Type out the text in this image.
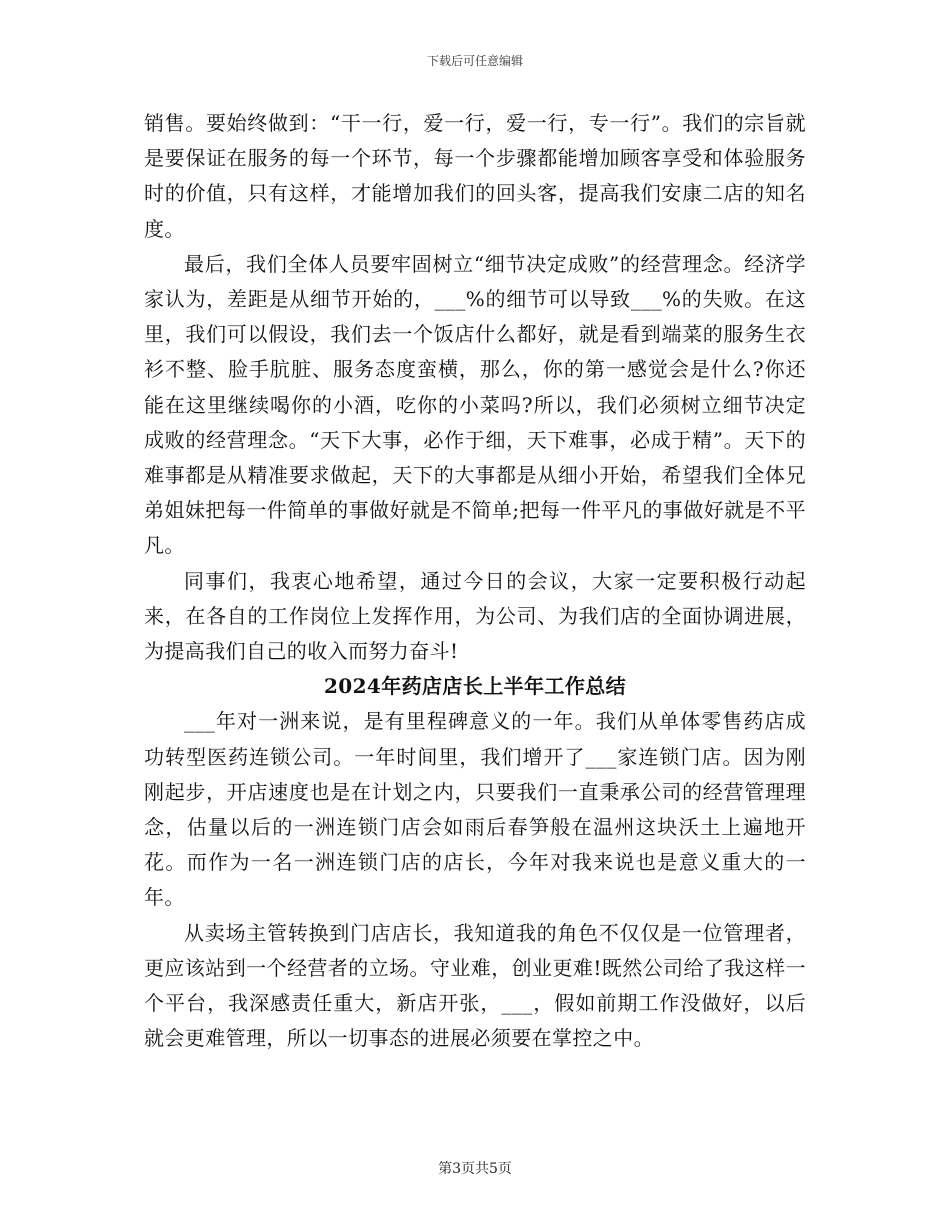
下载后可任意编辑

销售。要始终做到：“干一行，爱一行，爱一行，专一行”。我们的宗旨就是要保证在服务的每一个环节，每一个步骤都能增加顾客享受和体验服务时的价值，只有这样，才能增加我们的回头客，提高我们安康二店的知名度。

最后，我们全体人员要牢固树立“细节决定成败”的经营理念。经济学家认为，差距是从细节开始的，___%的细节可以导致___%的失败。在这里，我们可以假设，我们去一个饭店什么都好，就是看到端菜的服务生衣衫不整、脸手肮脏、服务态度蛮横，那么，你的第一感觉会是什么?你还能在这里继续喝你的小酒，吃你的小菜吗?所以，我们必须树立细节决定成败的经营理念。“天下大事，必作于细，天下难事，必成于精”。天下的难事都是从精准要求做起，天下的大事都是从细小开始，希望我们全体兄弟姐妹把每一件简单的事做好就是不简单;把每一件平凡的事做好就是不平凡。

同事们，我衷心地希望，通过今日的会议，大家一定要积极行动起来，在各自的工作岗位上发挥作用，为公司、为我们店的全面协调进展，为提高我们自己的收入而努力奋斗!

2024年药店店长上半年工作总结

___年对一洲来说，是有里程碑意义的一年。我们从单体零售药店成功转型医药连锁公司。一年时间里，我们增开了___家连锁门店。因为刚刚起步，开店速度也是在计划之内，只要我们一直秉承公司的经营管理理念，估量以后的一洲连锁门店会如雨后春笋般在温州这块沃土上遍地开花。而作为一名一洲连锁门店的店长，今年对我来说也是意义重大的一年。

从卖场主管转换到门店店长，我知道我的角色不仅仅是一位管理者，更应该站到一个经营者的立场。守业难，创业更难!既然公司给了我这样一个平台，我深感责任重大，新店开张，___，假如前期工作没做好，以后就会更难管理，所以一切事态的进展必须要在掌控之中。

第3页共5页
